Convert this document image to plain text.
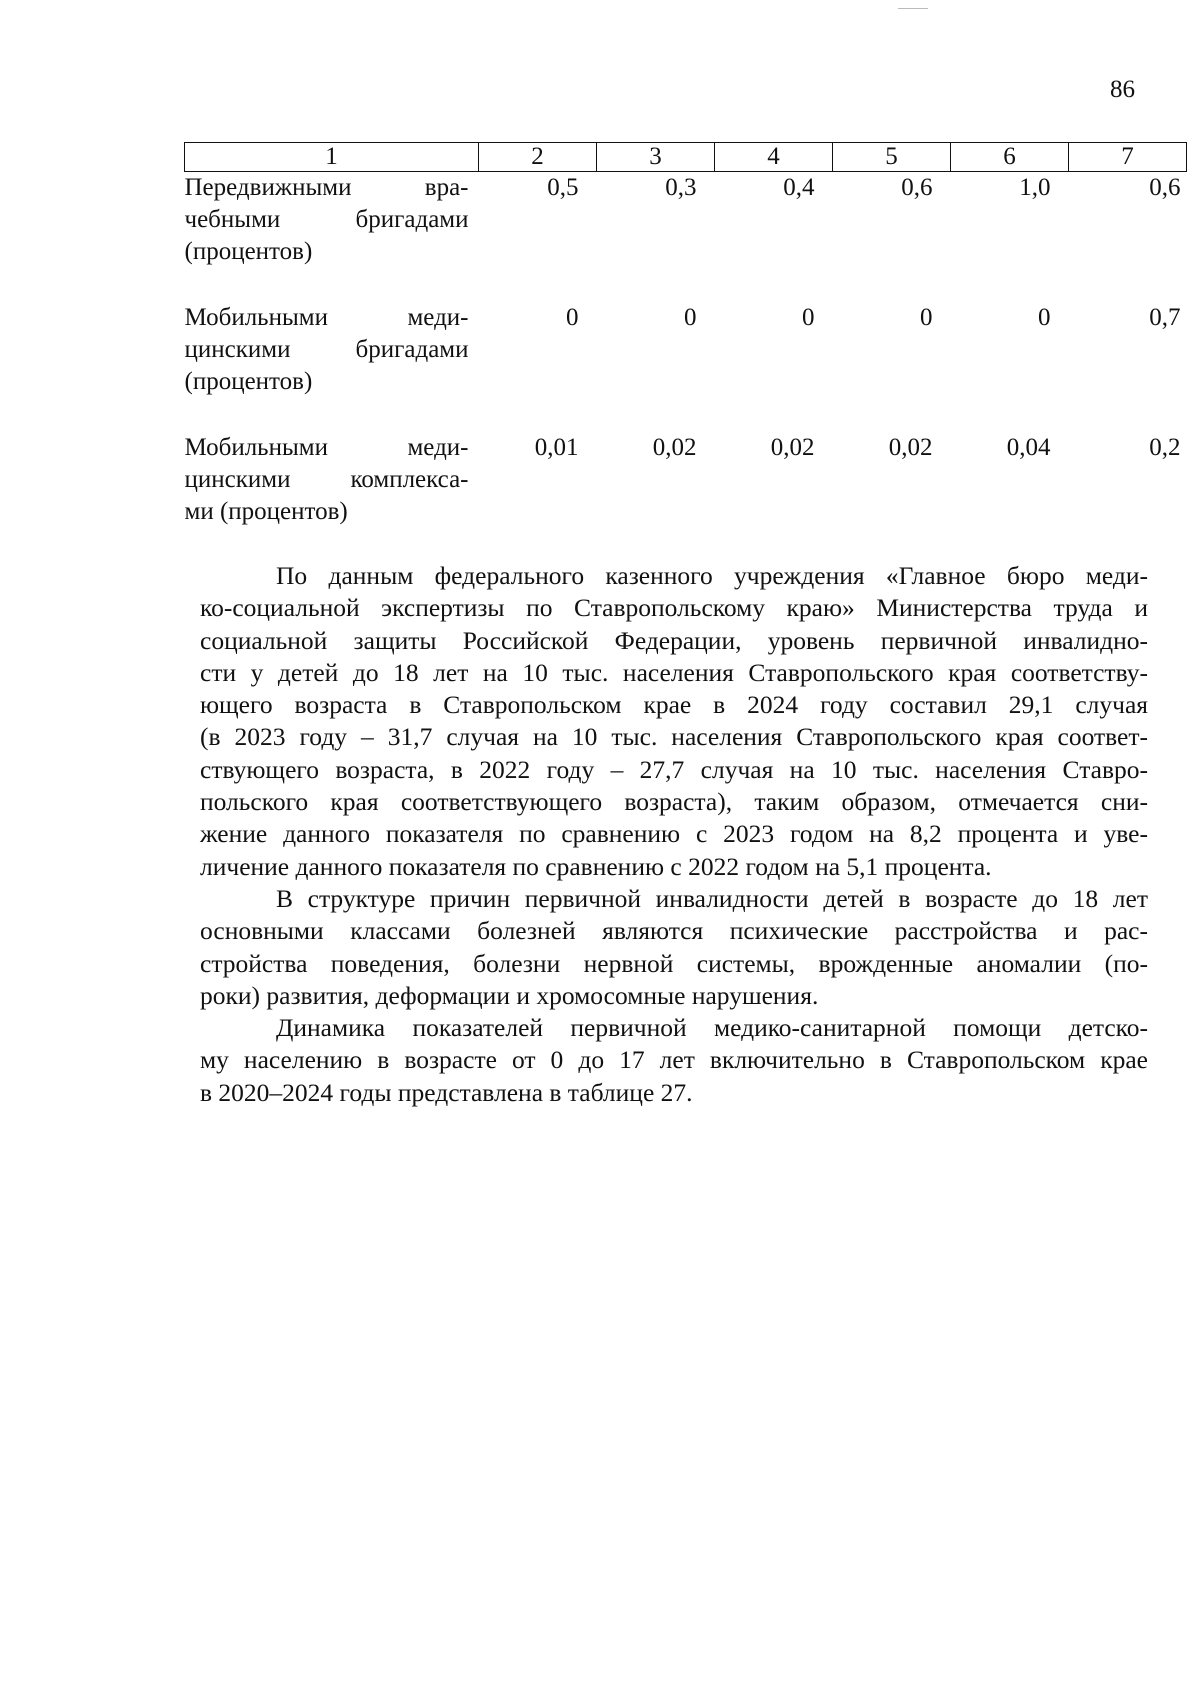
86
1	2	3	4	5	6	7

Передвижными вра-
чебными бригадами
(процентов)	0,5	0,3	0,4	0,6	1,0	0,6

Мобильными меди-
цинскими бригадами
(процентов)	0	0	0	0	0	0,7

Мобильными меди-
цинскими комплекса-
ми (процентов)	0,01	0,02	0,02	0,02	0,04	0,2

По данным федерального казенного учреждения «Главное бюро меди-
ко-социальной экспертизы по Ставропольскому краю» Министерства труда и
социальной защиты Российской Федерации, уровень первичной инвалидно-
сти у детей до 18 лет на 10 тыс. населения Ставропольского края соответству-
ющего возраста в Ставропольском крае в 2024 году составил 29,1 случая
(в 2023 году – 31,7 случая на 10 тыс. населения Ставропольского края соответ-
ствующего возраста, в 2022 году – 27,7 случая на 10 тыс. населения Ставро-
польского края соответствующего возраста), таким образом, отмечается сни-
жение данного показателя по сравнению с 2023 годом на 8,2 процента и уве-
личение данного показателя по сравнению с 2022 годом на 5,1 процента.

В структуре причин первичной инвалидности детей в возрасте до 18 лет
основными классами болезней являются психические расстройства и рас-
стройства поведения, болезни нервной системы, врожденные аномалии (по-
роки) развития, деформации и хромосомные нарушения.

Динамика показателей первичной медико-санитарной помощи детско-
му населению в возрасте от 0 до 17 лет включительно в Ставропольском крае
в 2020–2024 годы представлена в таблице 27.
